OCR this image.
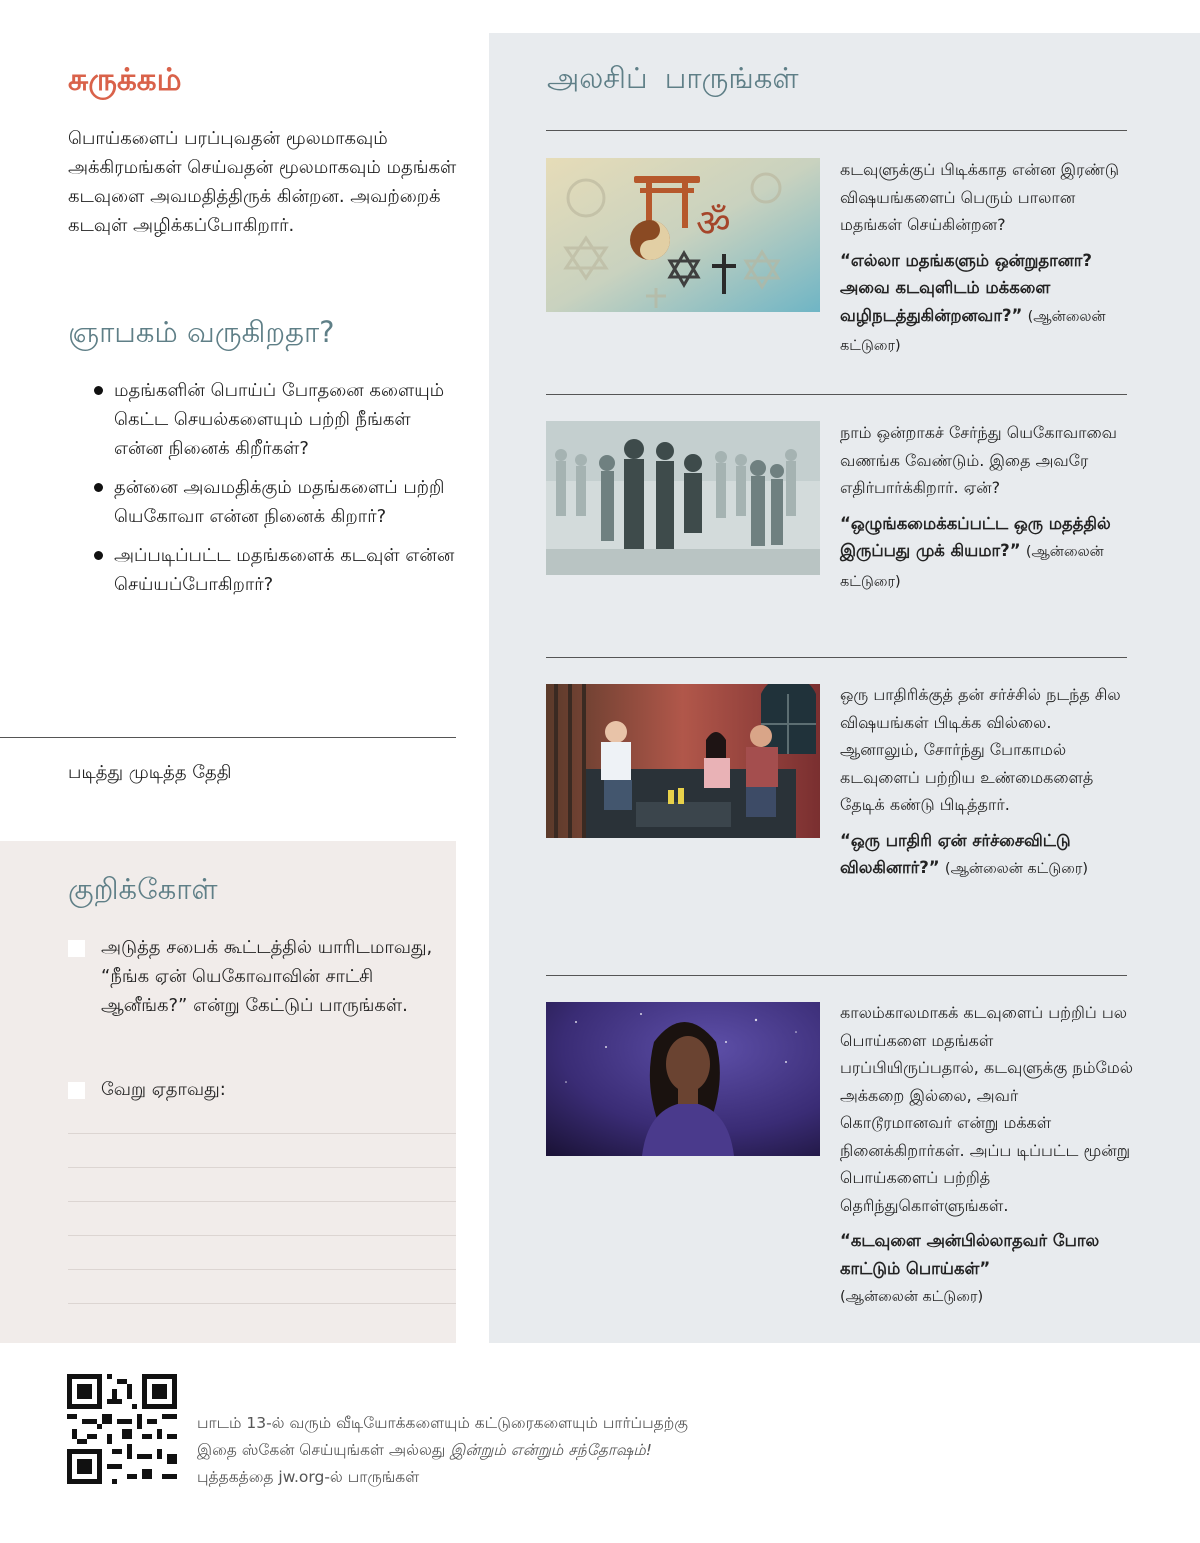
சுருக்கம்

பொய்களைப் பரப்புவதன் மூலமாகவும் அக்கிரமங்கள் செய்வதன் மூலமாகவும் மதங்கள் கடவுளை அவமதித்திருக் கின்றன. அவற்றைக் கடவுள் அழிக்கப்போகிறார்.

ஞாபகம் வருகிறதா?
மதங்களின் பொய்ப் போதனை களையும் கெட்ட செயல்களையும் பற்றி நீங்கள் என்ன நினைக் கிறீர்கள்?
தன்னை அவமதிக்கும் மதங்களைப் பற்றி யெகோவா என்ன நினைக் கிறார்?
அப்படிப்பட்ட மதங்களைக் கடவுள் என்ன செய்யப்போகிறார்?
படித்து முடித்த தேதி
குறிக்கோள்
அடுத்த சபைக் கூட்டத்தில் யாரிடமாவது, “நீங்க ஏன் யெகோவாவின் சாட்சி ஆனீங்க?” என்று கேட்டுப் பாருங்கள்.
வேறு ஏதாவது:
அலசிப் பாருங்கள்
ॐ

கடவுளுக்குப் பிடிக்காத என்ன இரண்டு விஷயங்களைப் பெரும் பாலான மதங்கள் செய்கின்றன?

“எல்லா மதங்களும் ஒன்றுதானா? அவை கடவுளிடம் மக்களை வழிநடத்துகின்றனவா?” (ஆன்லைன் கட்டுரை)

நாம் ஒன்றாகச் சேர்ந்து யெகோவாவை வணங்க வேண்டும். இதை அவரே எதிர்பார்க்கிறார். ஏன்?

“ஒழுங்கமைக்கப்பட்ட ஒரு மதத்தில் இருப்பது முக் கியமா?” (ஆன்லைன் கட்டுரை)

ஒரு பாதிரிக்குத் தன் சர்ச்சில் நடந்த சில விஷயங்கள் பிடிக்க வில்லை. ஆனாலும், சோர்ந்து போகாமல் கடவுளைப் பற்றிய உண்மைகளைத் தேடிக் கண்டு பிடித்தார்.

“ஒரு பாதிரி ஏன் சர்ச்சைவிட்டு விலகினார்?” (ஆன்லைன் கட்டுரை)

காலம்காலமாகக் கடவுளைப் பற்றிப் பல பொய்களை மதங்கள் பரப்பியிருப்பதால், கடவுளுக்கு நம்மேல் அக்கறை இல்லை, அவர் கொடூரமானவர் என்று மக்கள் நினைக்கிறார்கள். அப்ப டிப்பட்ட மூன்று பொய்களைப் பற்றித் தெரிந்துகொள்ளுங்கள்.

“கடவுளை அன்பில்லாதவர் போல காட்டும் பொய்கள்”
(ஆன்லைன் கட்டுரை)

பாடம் 13-ல் வரும் வீடியோக்களையும் கட்டுரைகளையும் பார்ப்பதற்கு இதை ஸ்கேன் செய்யுங்கள் அல்லது இன்றும் என்றும் சந்தோஷம்! புத்தகத்தை jw.org-ல் பாருங்கள்
